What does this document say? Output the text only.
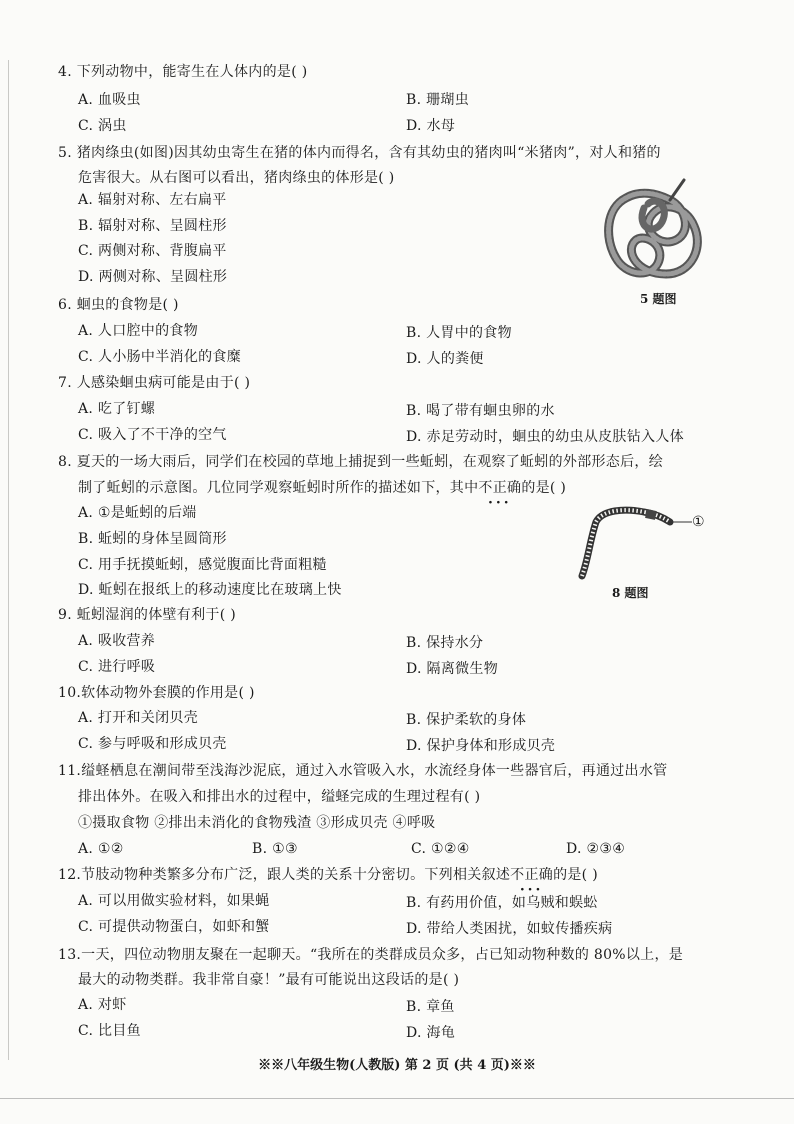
4. 下列动物中，能寄生在人体内的是( )
A. 血吸虫	B. 珊瑚虫
C. 涡虫	D. 水母
5. 猪肉绦虫(如图)因其幼虫寄生在猪的体内而得名，含有其幼虫的猪肉叫“米猪肉”，对人和猪的
危害很大。从右图可以看出，猪肉绦虫的体形是( )
A. 辐射对称、左右扁平
B. 辐射对称、呈圆柱形
C. 两侧对称、背腹扁平
D. 两侧对称、呈圆柱形
5 题图
6. 蛔虫的食物是( )
A. 人口腔中的食物	B. 人胃中的食物
C. 人小肠中半消化的食糜	D. 人的粪便
7. 人感染蛔虫病可能是由于( )
A. 吃了钉螺	B. 喝了带有蛔虫卵的水
C. 吸入了不干净的空气	D. 赤足劳动时，蛔虫的幼虫从皮肤钻入人体
8. 夏天的一场大雨后，同学们在校园的草地上捕捉到一些蚯蚓，在观察了蚯蚓的外部形态后，绘
制了蚯蚓的示意图。几位同学观察蚯蚓时所作的描述如下，其中不正确 ···的是( )
A. ①是蚯蚓的后端
B. 蚯蚓的身体呈圆筒形
C. 用手抚摸蚯蚓，感觉腹面比背面粗糙
D. 蚯蚓在报纸上的移动速度比在玻璃上快
①
8 题图
9. 蚯蚓湿润的体壁有利于( )
A. 吸收营养	B. 保持水分
C. 进行呼吸	D. 隔离微生物
10.软体动物外套膜的作用是( )
A. 打开和关闭贝壳	B. 保护柔软的身体
C. 参与呼吸和形成贝壳	D. 保护身体和形成贝壳
11.缢蛏栖息在潮间带至浅海沙泥底，通过入水管吸入水，水流经身体一些器官后，再通过出水管
排出体外。在吸入和排出水的过程中，缢蛏完成的生理过程有( )
①摄取食物 ②排出未消化的食物残渣 ③形成贝壳 ④呼吸
A. ①②	B. ①③	C. ①②④	D. ②③④
12.节肢动物种类繁多分布广泛，跟人类的关系十分密切。下列相关叙述不正确 ···的是( )
A. 可以用做实验材料，如果蝇	B. 有药用价值，如乌贼和蜈蚣
C. 可提供动物蛋白，如虾和蟹	D. 带给人类困扰，如蚊传播疾病
13.一天，四位动物朋友聚在一起聊天。“我所在的类群成员众多，占已知动物种数的 80%以上，是
最大的动物类群。我非常自豪！”最有可能说出这段话的是( )
A. 对虾	B. 章鱼
C. 比目鱼	D. 海龟
※※八年级生物(人教版) 第 2 页 (共 4 页)※※
